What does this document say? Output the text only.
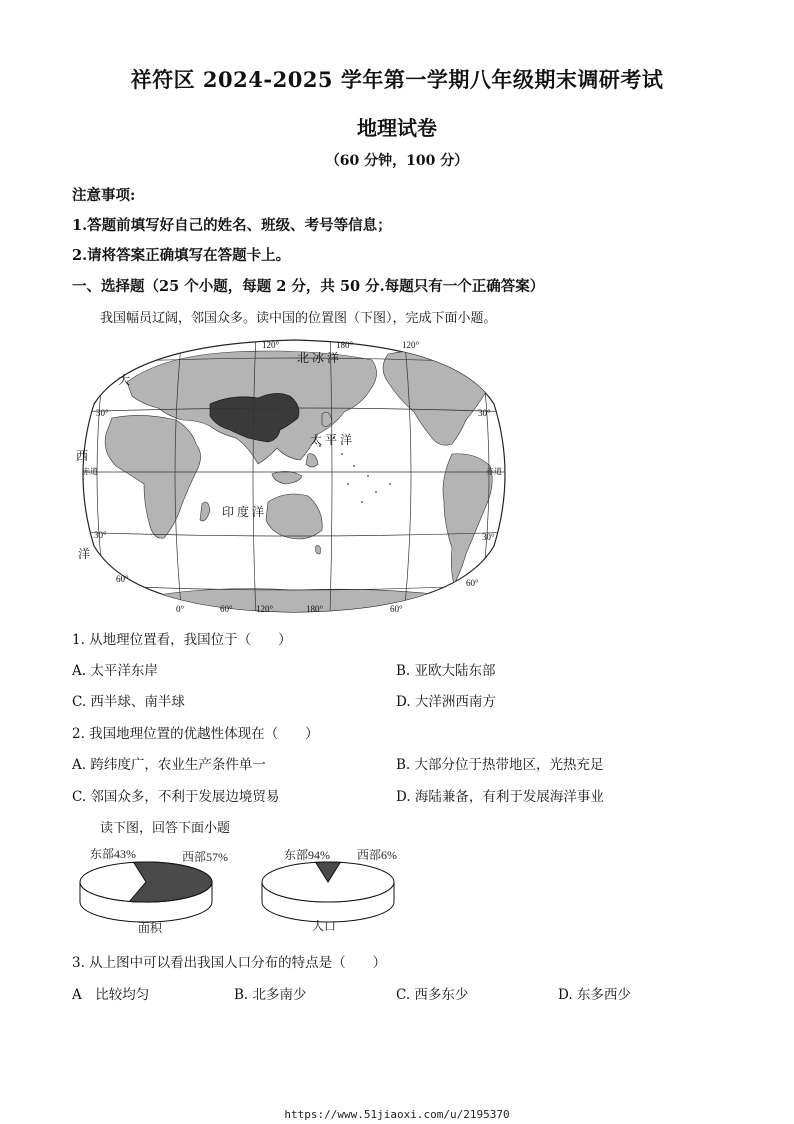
祥符区 2024-2025 学年第一学期八年级期末调研考试
地理试卷
（60 分钟，100 分）
注意事项:
1.答题前填写好自己的姓名、班级、考号等信息；
2.请将答案正确填写在答题卡上。
一、选择题（25 个小题，每题 2 分，共 50 分.每题只有一个正确答案）
我国幅员辽阔，邻国众多。读中国的位置图（下图），完成下面小题。
北 冰 洋
太 平 洋
印 度 洋
大
西
洋
赤道	赤道
30°	30°
30°	30°
60°	60°
120°	120°
180°
0°	60°	120°	180°	60°
1. 从地理位置看，我国位于（　　）
A. 太平洋东岸	B. 亚欧大陆东部
C. 西半球、南半球	D. 大洋洲西南方
2. 我国地理位置的优越性体现在（　　）
A. 跨纬度广，农业生产条件单一	B. 大部分位于热带地区，光热充足
C. 邻国众多，不利于发展边境贸易	D. 海陆兼备，有利于发展海洋事业
读下图，回答下面小题
东部43%	西部57%
面积
东部94% 西部6%
人口
3. 从上图中可以看出我国人口分布的特点是（　　）
A　比较均匀	B. 北多南少	C. 西多东少	D. 东多西少
https://www.51jiaoxi.com/u/2195370
